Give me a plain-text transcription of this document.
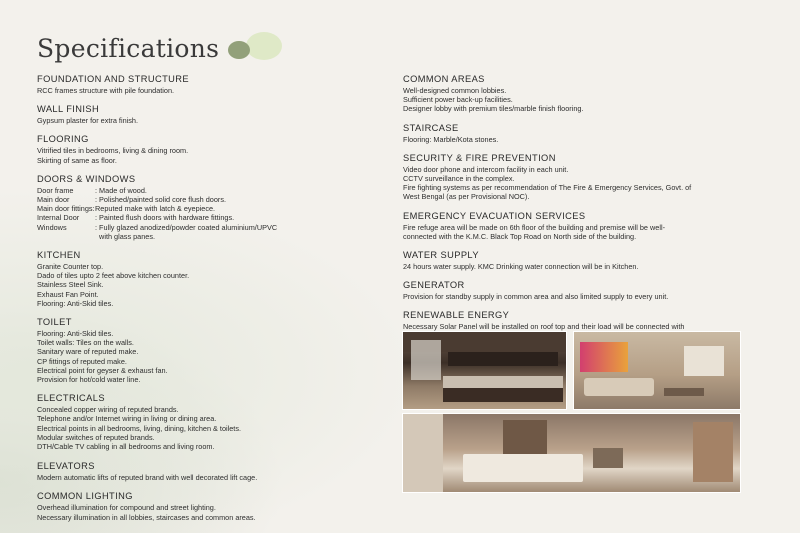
Specifications
FOUNDATION AND STRUCTURE

RCC frames structure with pile foundation.

WALL FINISH

Gypsum plaster for extra finish.

FLOORING

Vitrified tiles in bedrooms, living & dining room.

Skirting of same as floor.

DOORS & WINDOWS
Door frame	: Made of wood.
Main door	: Polished/painted solid core flush doors.
Main door fittings: Reputed make with latch & eyepiece.
Internal Door	: Painted flush doors with hardware fittings.
Windows	: Fully glazed anodized/powder coated aluminium/UPVC
with glass panes.
KITCHEN

Granite Counter top.

Dado of tiles upto 2 feet above kitchen counter.

Stainless Steel Sink.

Exhaust Fan Point.

Flooring: Anti-Skid tiles.

TOILET

Flooring: Anti-Skid tiles.

Toilet walls: Tiles on the walls.

Sanitary ware of reputed make.

CP fittings of reputed make.

Electrical point for geyser & exhaust fan.

Provision for hot/cold water line.

ELECTRICALS

Concealed copper wiring of reputed brands.

Telephone and/or Internet wiring in living or dining area.

Electrical points in all bedrooms, living, dining, kitchen & toilets.

Modular switches of reputed brands.

DTH/Cable TV cabling in all bedrooms and living room.

ELEVATORS

Modern automatic lifts of reputed brand with well decorated lift cage.

COMMON LIGHTING

Overhead illumination for compound and street lighting.

Necessary illumination in all lobbies, staircases and common areas.

COMMON AREAS

Well-designed common lobbies.

Sufficient power back-up facilities.

Designer lobby with premium tiles/marble finish flooring.

STAIRCASE

Flooring: Marble/Kota stones.

SECURITY & FIRE PREVENTION

Video door phone and intercom facility in each unit.

CCTV surveillance in the complex.

Fire fighting systems as per recommendation of The Fire & Emergency Services, Govt. of

West Bengal (as per Provisional NOC).

EMERGENCY EVACUATION SERVICES

Fire refuge area will be made on 6th floor of the building and premise will be well-

connected with the K.M.C. Black Top Road on North side of the building.

WATER SUPPLY

24 hours water supply. KMC Drinking water connection will be in Kitchen.

GENERATOR

Provision for standby supply in common area and also limited supply to every unit.

RENEWABLE ENERGY

Necessary Solar Panel will be installed on roof top and their load will be connected with
